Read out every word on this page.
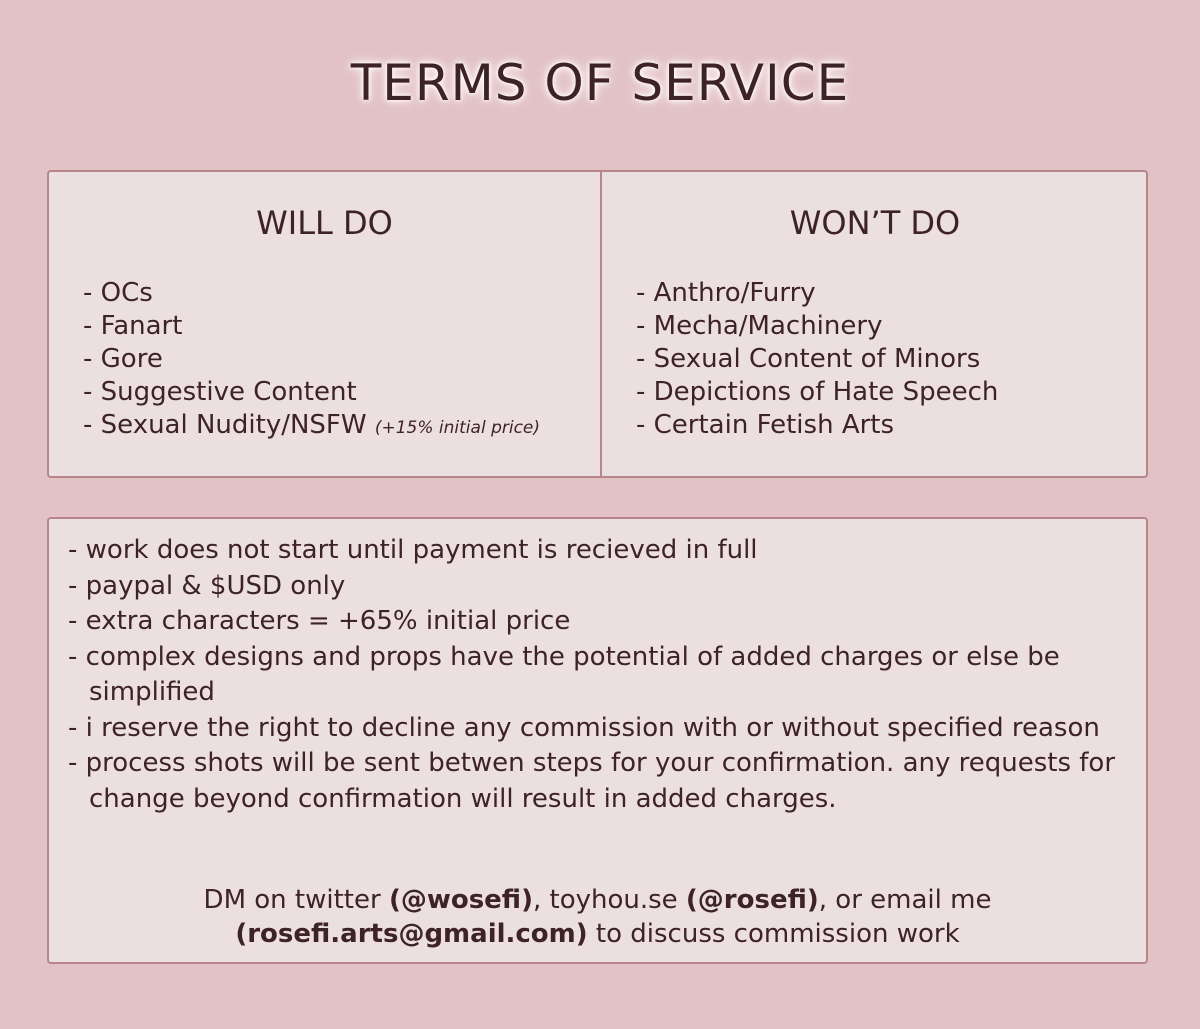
TERMS OF SERVICE
WILL DO
- OCs
- Fanart
- Gore
- Suggestive Content
- Sexual Nudity/NSFW (+15% initial price)
WON’T DO
- Anthro/Furry
- Mecha/Machinery
- Sexual Content of Minors
- Depictions of Hate Speech
- Certain Fetish Arts
- work does not start until payment is recieved in full
- paypal & $USD only
- extra characters = +65% initial price
- complex designs and props have the potential of added charges or else be simplified
- i reserve the right to decline any commission with or without specified reason
- process shots will be sent betwen steps for your confirmation. any requests for change beyond confirmation will result in added charges.

DM on twitter (@wosefi), toyhou.se (@rosefi), or email me
(rosefi.arts@gmail.com) to discuss commission work
